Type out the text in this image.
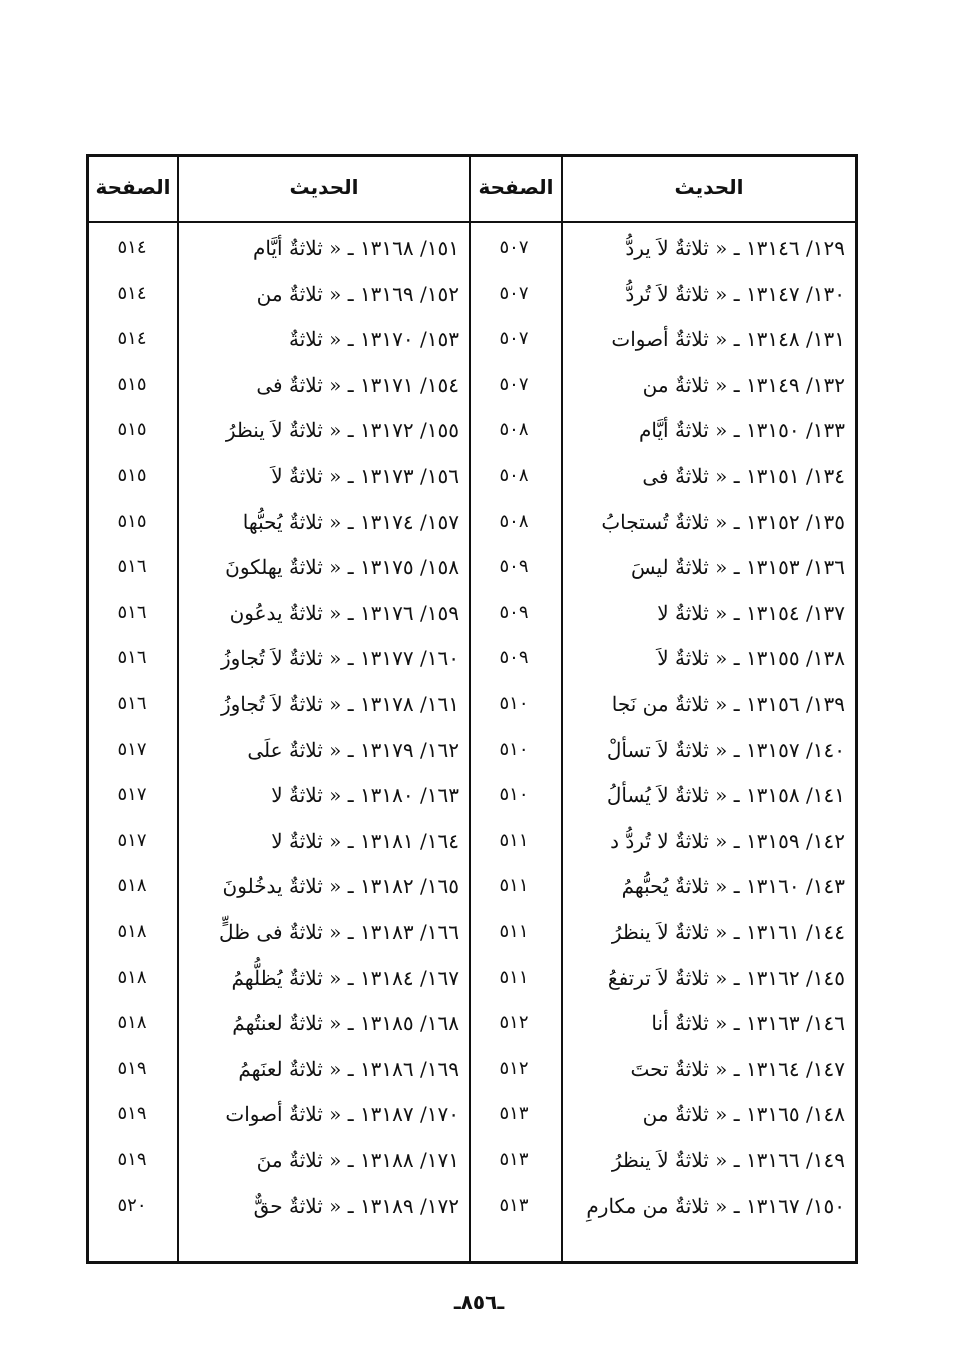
الحديث
الصفحة
الحديث
الصفحة
١٢٩/ ١٣١٤٦ ـ « ثلاثةٌ لاَ يردُّ
٥٠٧
١٣٠/ ١٣١٤٧ ـ « ثلاثةٌ لاَ تُردُّ
٥٠٧
١٣١/ ١٣١٤٨ ـ « ثلاثةٌ أصوات
٥٠٧
١٣٢/ ١٣١٤٩ ـ « ثلاثةٌ من
٥٠٧
١٣٣/ ١٣١٥٠ ـ « ثلاثةٌ أيَّام
٥٠٨
١٣٤/ ١٣١٥١ ـ « ثلاثةٌ فى
٥٠٨
١٣٥/ ١٣١٥٢ ـ « ثلاثةٌ تُستجابُ
٥٠٨
١٣٦/ ١٣١٥٣ ـ « ثلاثةٌ ليسَ
٥٠٩
١٣٧/ ١٣١٥٤ ـ « ثلاثةٌ لا
٥٠٩
١٣٨/ ١٣١٥٥ ـ « ثلاثةٌ لاَ
٥٠٩
١٣٩/ ١٣١٥٦ ـ « ثلاثةٌ من نَجا
٥١٠
١٤٠/ ١٣١٥٧ ـ « ثلاثةٌ لاَ تسألْ
٥١٠
١٤١/ ١٣١٥٨ ـ « ثلاثةٌ لاَ يُسألُ
٥١٠
١٤٢/ ١٣١٥٩ ـ « ثلاثةٌ لا تُردُّ د
٥١١
١٤٣/ ١٣١٦٠ ـ « ثلاثةٌ يُحبُّهمُ
٥١١
١٤٤/ ١٣١٦١ ـ « ثلاثةٌ لاَ ينظرُ
٥١١
١٤٥/ ١٣١٦٢ ـ « ثلاثةٌ لاَ ترتفعُ
٥١١
١٤٦/ ١٣١٦٣ ـ « ثلاثةٌ أنا
٥١٢
١٤٧/ ١٣١٦٤ ـ « ثلاثةٌ تحتَ
٥١٢
١٤٨/ ١٣١٦٥ ـ « ثلاثةٌ من
٥١٣
١٤٩/ ١٣١٦٦ ـ « ثلاثةٌ لاَ ينظرُ
٥١٣
١٥٠/ ١٣١٦٧ ـ « ثلاثةٌ من مكارمِ
٥١٣
١٥١/ ١٣١٦٨ ـ « ثلاثةٌ أيَّام
٥١٤
١٥٢/ ١٣١٦٩ ـ « ثلاثةٌ من
٥١٤
١٥٣/ ١٣١٧٠ ـ « ثلاثةٌ
٥١٤
١٥٤/ ١٣١٧١ ـ « ثلاثةٌ فى
٥١٥
١٥٥/ ١٣١٧٢ ـ « ثلاثةٌ لاَ ينظرُ
٥١٥
١٥٦/ ١٣١٧٣ ـ « ثلاثةٌ لاَ
٥١٥
١٥٧/ ١٣١٧٤ ـ « ثلاثةٌ يُحبُّها
٥١٥
١٥٨/ ١٣١٧٥ ـ « ثلاثةٌ يهلكونَ
٥١٦
١٥٩/ ١٣١٧٦ ـ « ثلاثةٌ يدعُون
٥١٦
١٦٠/ ١٣١٧٧ ـ « ثلاثةٌ لاَ تُجاوزُ
٥١٦
١٦١/ ١٣١٧٨ ـ « ثلاثةٌ لاَ تُجاوزُ
٥١٦
١٦٢/ ١٣١٧٩ ـ « ثلاثةٌ علَى
٥١٧
١٦٣/ ١٣١٨٠ ـ « ثلاثةٌ لا
٥١٧
١٦٤/ ١٣١٨١ ـ « ثلاثةٌ لا
٥١٧
١٦٥/ ١٣١٨٢ ـ « ثلاثةٌ يدخُلونَ
٥١٨
١٦٦/ ١٣١٨٣ ـ « ثلاثةٌ فى ظلٍّ
٥١٨
١٦٧/ ١٣١٨٤ ـ « ثلاثةٌ يُظلُّهمُ
٥١٨
١٦٨/ ١٣١٨٥ ـ « ثلاثةٌ لعنتُهمُ
٥١٨
١٦٩/ ١٣١٨٦ ـ « ثلاثةٌ لعنَهمُ
٥١٩
١٧٠/ ١٣١٨٧ ـ « ثلاثةٌ أصوات
٥١٩
١٧١/ ١٣١٨٨ ـ « ثلاثةٌ منَ
٥١٩
١٧٢/ ١٣١٨٩ ـ « ثلاثةٌ حقٌّ
٥٢٠
ـ٨٥٦ـ
